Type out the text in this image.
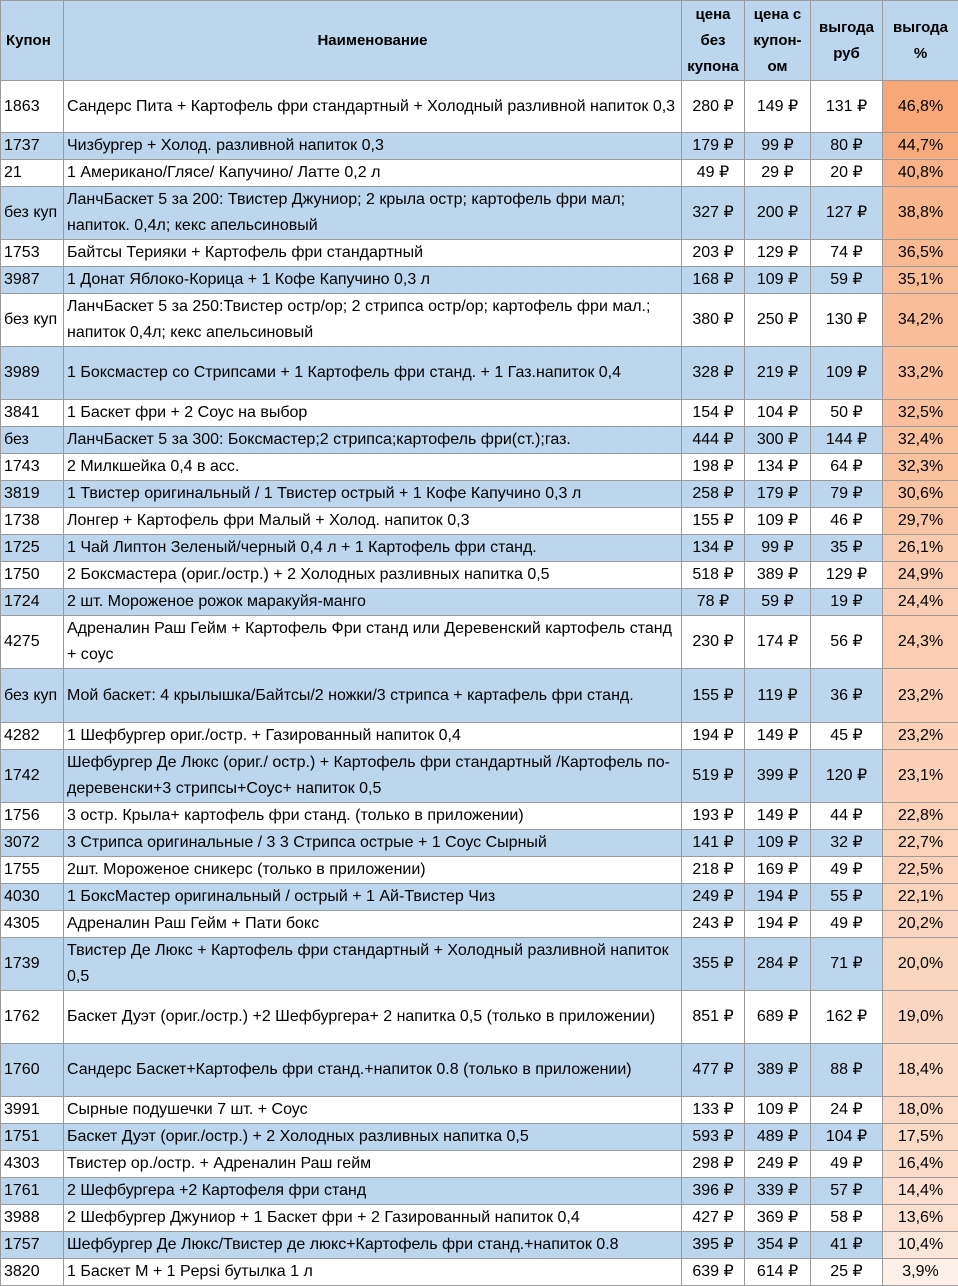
Купон	Наименование	цена без купона	цена с купон-ом	выгода руб	выгода %
1863	Сандерс Пита + Картофель фри стандартный + Холодный разливной напиток 0,3	280 ₽	149 ₽	131 ₽	46,8%
1737	Чизбургер + Холод. разливной напиток 0,3	179 ₽	99 ₽	80 ₽	44,7%
21	1 Американо/Глясе/ Капучино/ Латте 0,2 л	49 ₽	29 ₽	20 ₽	40,8%
без куп	ЛанчБаскет 5 за 200: Твистер Джуниор; 2 крыла остр; картофель фри мал; напиток. 0,4л; кекс апельсиновый	327 ₽	200 ₽	127 ₽	38,8%
1753	Байтсы Терияки + Картофель фри стандартный	203 ₽	129 ₽	74 ₽	36,5%
3987	1 Донат Яблоко-Корица + 1 Кофе Капучино 0,3 л	168 ₽	109 ₽	59 ₽	35,1%
без куп	ЛанчБаскет 5 за 250:Твистер остр/ор; 2 стрипса остр/ор; картофель фри мал.; напиток 0,4л; кекс апельсиновый	380 ₽	250 ₽	130 ₽	34,2%
3989	1 Боксмастер со Стрипсами + 1 Картофель фри станд. + 1 Газ.напиток 0,4	328 ₽	219 ₽	109 ₽	33,2%
3841	1 Баскет фри + 2 Соус на выбор	154 ₽	104 ₽	50 ₽	32,5%
без	ЛанчБаскет 5 за 300: Боксмастер;2 стрипса;картофель фри(ст.);газ.	444 ₽	300 ₽	144 ₽	32,4%
1743	2 Милкшейка 0,4 в асс.	198 ₽	134 ₽	64 ₽	32,3%
3819	1 Твистер оригинальный / 1 Твистер острый + 1 Кофе Капучино 0,3 л	258 ₽	179 ₽	79 ₽	30,6%
1738	Лонгер + Картофель фри Малый + Холод. напиток 0,3	155 ₽	109 ₽	46 ₽	29,7%
1725	1 Чай Липтон Зеленый/черный 0,4 л + 1 Картофель фри станд.	134 ₽	99 ₽	35 ₽	26,1%
1750	2 Боксмастера (ориг./остр.) + 2 Холодных разливных напитка 0,5	518 ₽	389 ₽	129 ₽	24,9%
1724	2 шт. Мороженое рожок маракуйя-манго	78 ₽	59 ₽	19 ₽	24,4%
4275	Адреналин Раш Гейм + Картофель Фри станд или Деревенский картофель станд + соус	230 ₽	174 ₽	56 ₽	24,3%
без куп	Мой баскет: 4 крылышка/Байтсы/2 ножки/3 стрипса + картафель фри станд.	155 ₽	119 ₽	36 ₽	23,2%
4282	1 Шефбургер ориг./остр. + Газированный напиток 0,4	194 ₽	149 ₽	45 ₽	23,2%
1742	Шефбургер Де Люкс (ориг./ остр.) + Картофель фри стандартный /Картофель по-деревенски+3 стрипсы+Соус+ напиток 0,5	519 ₽	399 ₽	120 ₽	23,1%
1756	3 остр. Крыла+ картофель фри станд. (только в приложении)	193 ₽	149 ₽	44 ₽	22,8%
3072	3 Стрипса оригинальные / 3 3 Стрипса острые + 1 Соус Сырный	141 ₽	109 ₽	32 ₽	22,7%
1755	2шт. Мороженое сникерс (только в приложении)	218 ₽	169 ₽	49 ₽	22,5%
4030	1 БоксМастер оригинальный / острый + 1 Ай-Твистер Чиз	249 ₽	194 ₽	55 ₽	22,1%
4305	Адреналин Раш Гейм + Пати бокс	243 ₽	194 ₽	49 ₽	20,2%
1739	Твистер Де Люкс + Картофель фри стандартный + Холодный разливной напиток 0,5	355 ₽	284 ₽	71 ₽	20,0%
1762	Баскет Дуэт (ориг./остр.) +2 Шефбургера+ 2 напитка 0,5 (только в приложении)	851 ₽	689 ₽	162 ₽	19,0%
1760	Сандерс Баскет+Картофель фри станд.+напиток 0.8 (только в приложении)	477 ₽	389 ₽	88 ₽	18,4%
3991	Сырные подушечки 7 шт. + Соус	133 ₽	109 ₽	24 ₽	18,0%
1751	Баскет Дуэт (ориг./остр.) + 2 Холодных разливных напитка 0,5	593 ₽	489 ₽	104 ₽	17,5%
4303	Твистер ор./остр. + Адреналин Раш гейм	298 ₽	249 ₽	49 ₽	16,4%
1761	2 Шефбургера +2 Картофеля фри станд	396 ₽	339 ₽	57 ₽	14,4%
3988	2 Шефбургер Джуниор + 1 Баскет фри + 2 Газированный напиток 0,4	427 ₽	369 ₽	58 ₽	13,6%
1757	Шефбургер Де Люкс/Твистер де люкс+Картофель фри станд.+напиток 0.8	395 ₽	354 ₽	41 ₽	10,4%
3820	1 Баскет М + 1 Pepsi бутылка 1 л	639 ₽	614 ₽	25 ₽	3,9%
